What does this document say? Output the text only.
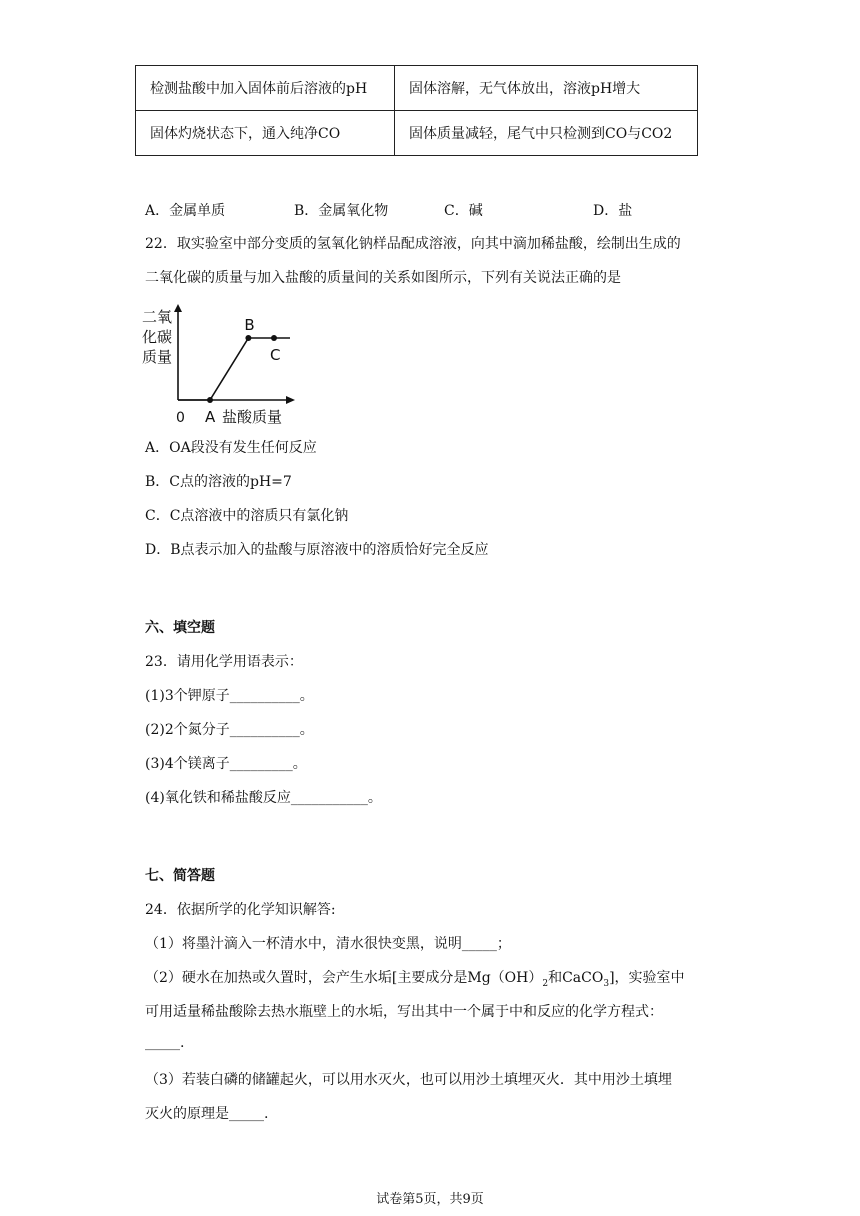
检测盐酸中加入固体前后溶液的pH	固体溶解，无气体放出，溶液pH增大
固体灼烧状态下，通入纯净CO	固体质量减轻，尾气中只检测到CO与CO2
A．金属单质	B．金属氧化物	C．碱	D．盐
22．取实验室中部分变质的氢氧化钠样品配成溶液，向其中滴加稀盐酸，绘制出生成的
二氧化碳的质量与加入盐酸的质量间的关系如图所示，下列有关说法正确的是
二氧
化碳
质量
0 盐酸质量
A
B
C
A．OA段没有发生任何反应
B．C点的溶液的pH=7
C．C点溶液中的溶质只有氯化钠
D．B点表示加入的盐酸与原溶液中的溶质恰好完全反应
六、填空题
23．请用化学用语表示：
(1)3个钾原子__________。
(2)2个氮分子__________。
(3)4个镁离子_________。
(4)氧化铁和稀盐酸反应___________。
七、简答题
24．依据所学的化学知识解答:
（1）将墨汁滴入一杯清水中，清水很快变黑，说明_____；
（2）硬水在加热或久置时，会产生水垢[主要成分是$Mg(OH)_2$和CaCO$_3$]，实验室中
可用适量稀盐酸除去热水瓶壁上的水垢，写出其中一个属于中和反应的化学方程式：
_____.
（3）若装白磷的储罐起火，可以用水灭火，也可以用沙土填埋灭火．其中用沙土填埋
灭火的原理是_____.
试卷第5页，共9页
